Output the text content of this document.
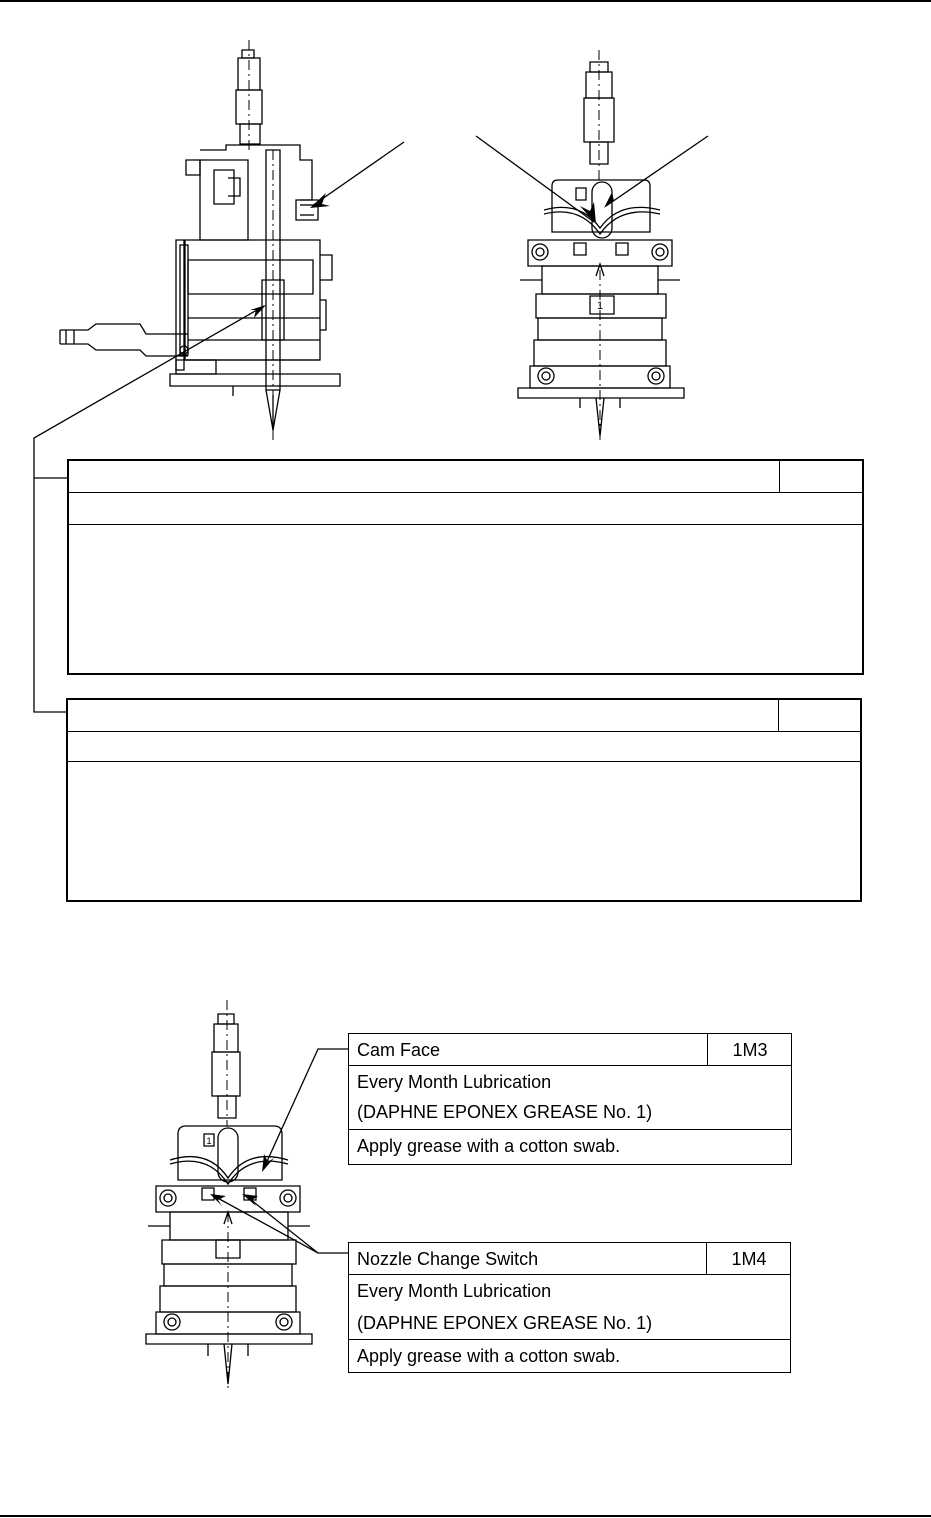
1
1
Cam Face	1M3
Every Month Lubrication
(DAPHNE EPONEX GREASE No. 1)
Apply grease with a cotton swab.
Nozzle Change Switch	1M4
Every Month Lubrication
(DAPHNE EPONEX GREASE No. 1)
Apply grease with a cotton swab.
